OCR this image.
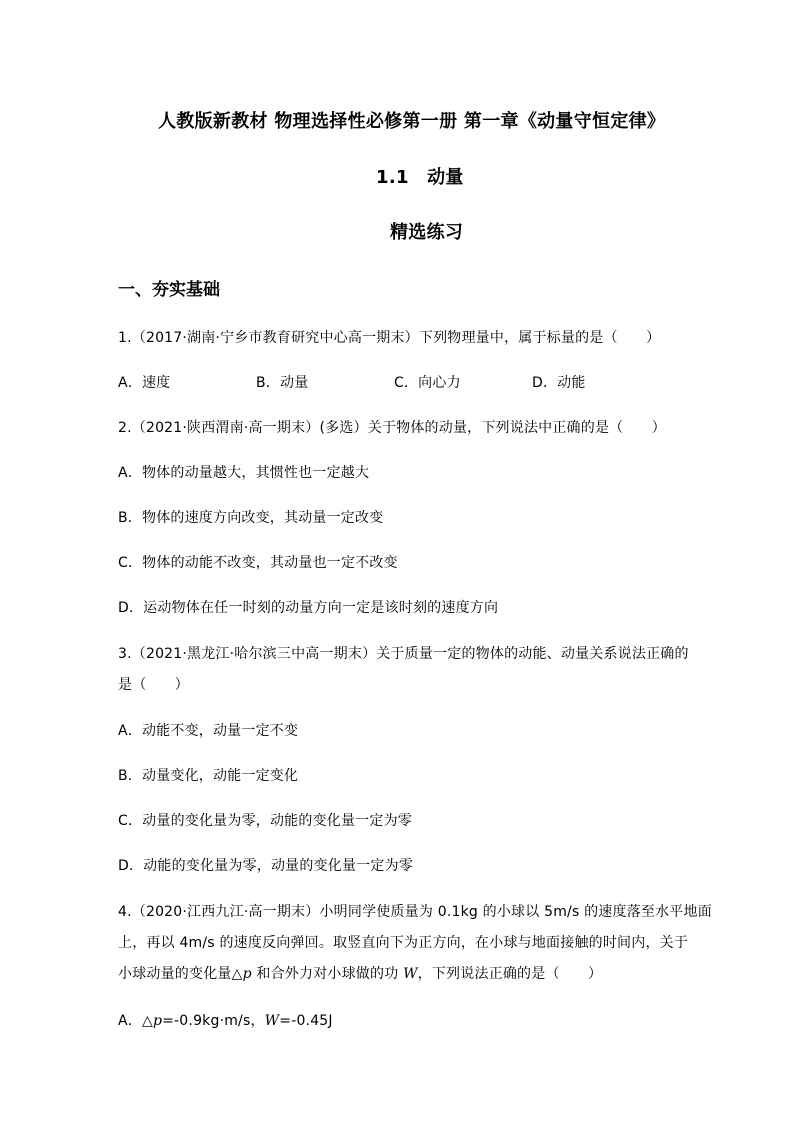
人教版新教材 物理选择性必修第一册 第一章《动量守恒定律》
1.1　动量
精选练习
一、夯实基础
1.（2017·湖南·宁乡市教育研究中心高一期末）下列物理量中，属于标量的是（　　）
A．速度	B．动量	C．向心力	D．动能
2.（2021·陕西渭南·高一期末）(多选）关于物体的动量，下列说法中正确的是（　　）
A．物体的动量越大，其惯性也一定越大
B．物体的速度方向改变，其动量一定改变
C．物体的动能不改变，其动量也一定不改变
D．运动物体在任一时刻的动量方向一定是该时刻的速度方向
3.（2021·黑龙江·哈尔滨三中高一期末）关于质量一定的物体的动能、动量关系说法正确的
是（　　）
A．动能不变，动量一定不变
B．动量变化，动能一定变化
C．动量的变化量为零，动能的变化量一定为零
D．动能的变化量为零，动量的变化量一定为零
4.（2020·江西九江·高一期末）小明同学使质量为 0.1kg 的小球以 5m/s 的速度落至水平地面
上，再以 4m/s 的速度反向弹回。取竖直向下为正方向，在小球与地面接触的时间内，关于
小球动量的变化量△p 和合外力对小球做的功 W，下列说法正确的是（　　）
A．△p=-0.9kg·m/s，W=-0.45J
